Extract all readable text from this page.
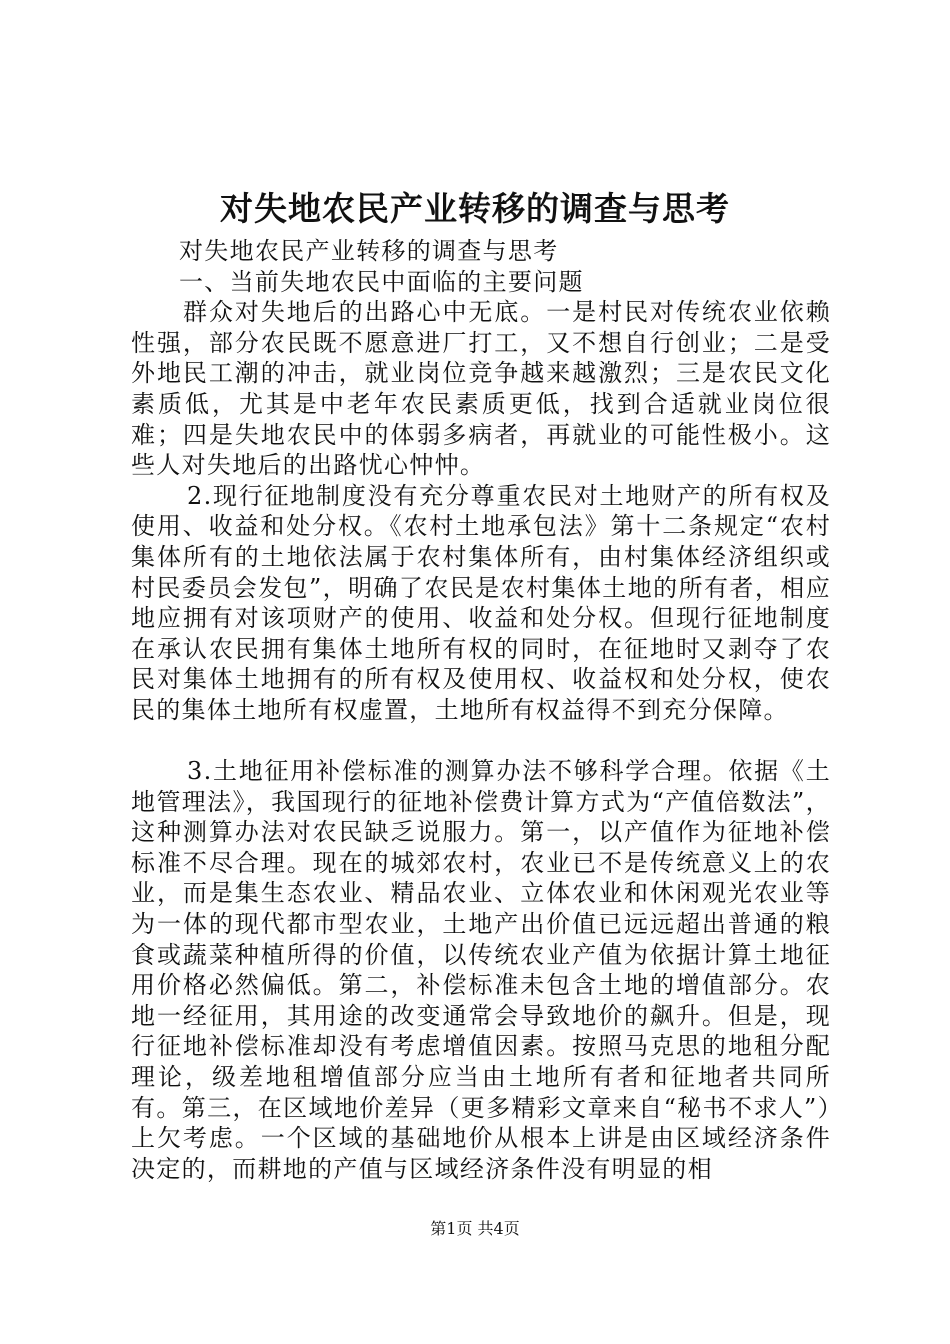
对失地农民产业转移的调查与思考

对失地农民产业转移的调查与思考

一、当前失地农民中面临的主要问题

群众对失地后的出路心中无底。一是村民对传统农业依赖性强，部分农民既不愿意进厂打工，又不想自行创业；二是受外地民工潮的冲击，就业岗位竞争越来越激烈；三是农民文化素质低，尤其是中老年农民素质更低，找到合适就业岗位很难；四是失地农民中的体弱多病者，再就业的可能性极小。这些人对失地后的出路忧心忡忡。

2.现行征地制度没有充分尊重农民对土地财产的所有权及使用、收益和处分权。《农村土地承包法》第十二条规定“农村集体所有的土地依法属于农村集体所有，由村集体经济组织或村民委员会发包”，明确了农民是农村集体土地的所有者，相应地应拥有对该项财产的使用、收益和处分权。但现行征地制度在承认农民拥有集体土地所有权的同时，在征地时又剥夺了农民对集体土地拥有的所有权及使用权、收益权和处分权，使农民的集体土地所有权虚置，土地所有权益得不到充分保障。

3.土地征用补偿标准的测算办法不够科学合理。依据《土地管理法》，我国现行的征地补偿费计算方式为“产值倍数法”，这种测算办法对农民缺乏说服力。第一，以产值作为征地补偿标准不尽合理。现在的城郊农村，农业已不是传统意义上的农业，而是集生态农业、精品农业、立体农业和休闲观光农业等为一体的现代都市型农业，土地产出价值已远远超出普通的粮食或蔬菜种植所得的价值，以传统农业产值为依据计算土地征用价格必然偏低。第二，补偿标准未包含土地的增值部分。农地一经征用，其用途的改变通常会导致地价的飙升。但是，现行征地补偿标准却没有考虑增值因素。按照马克思的地租分配理论，级差地租增值部分应当由土地所有者和征地者共同所有。第三，在区域地价差异（更多精彩文章来自“秘书不求人”）上欠考虑。一个区域的基础地价从根本上讲是由区域经济条件决定的，而耕地的产值与区域经济条件没有明显的相

第1页 共4页
